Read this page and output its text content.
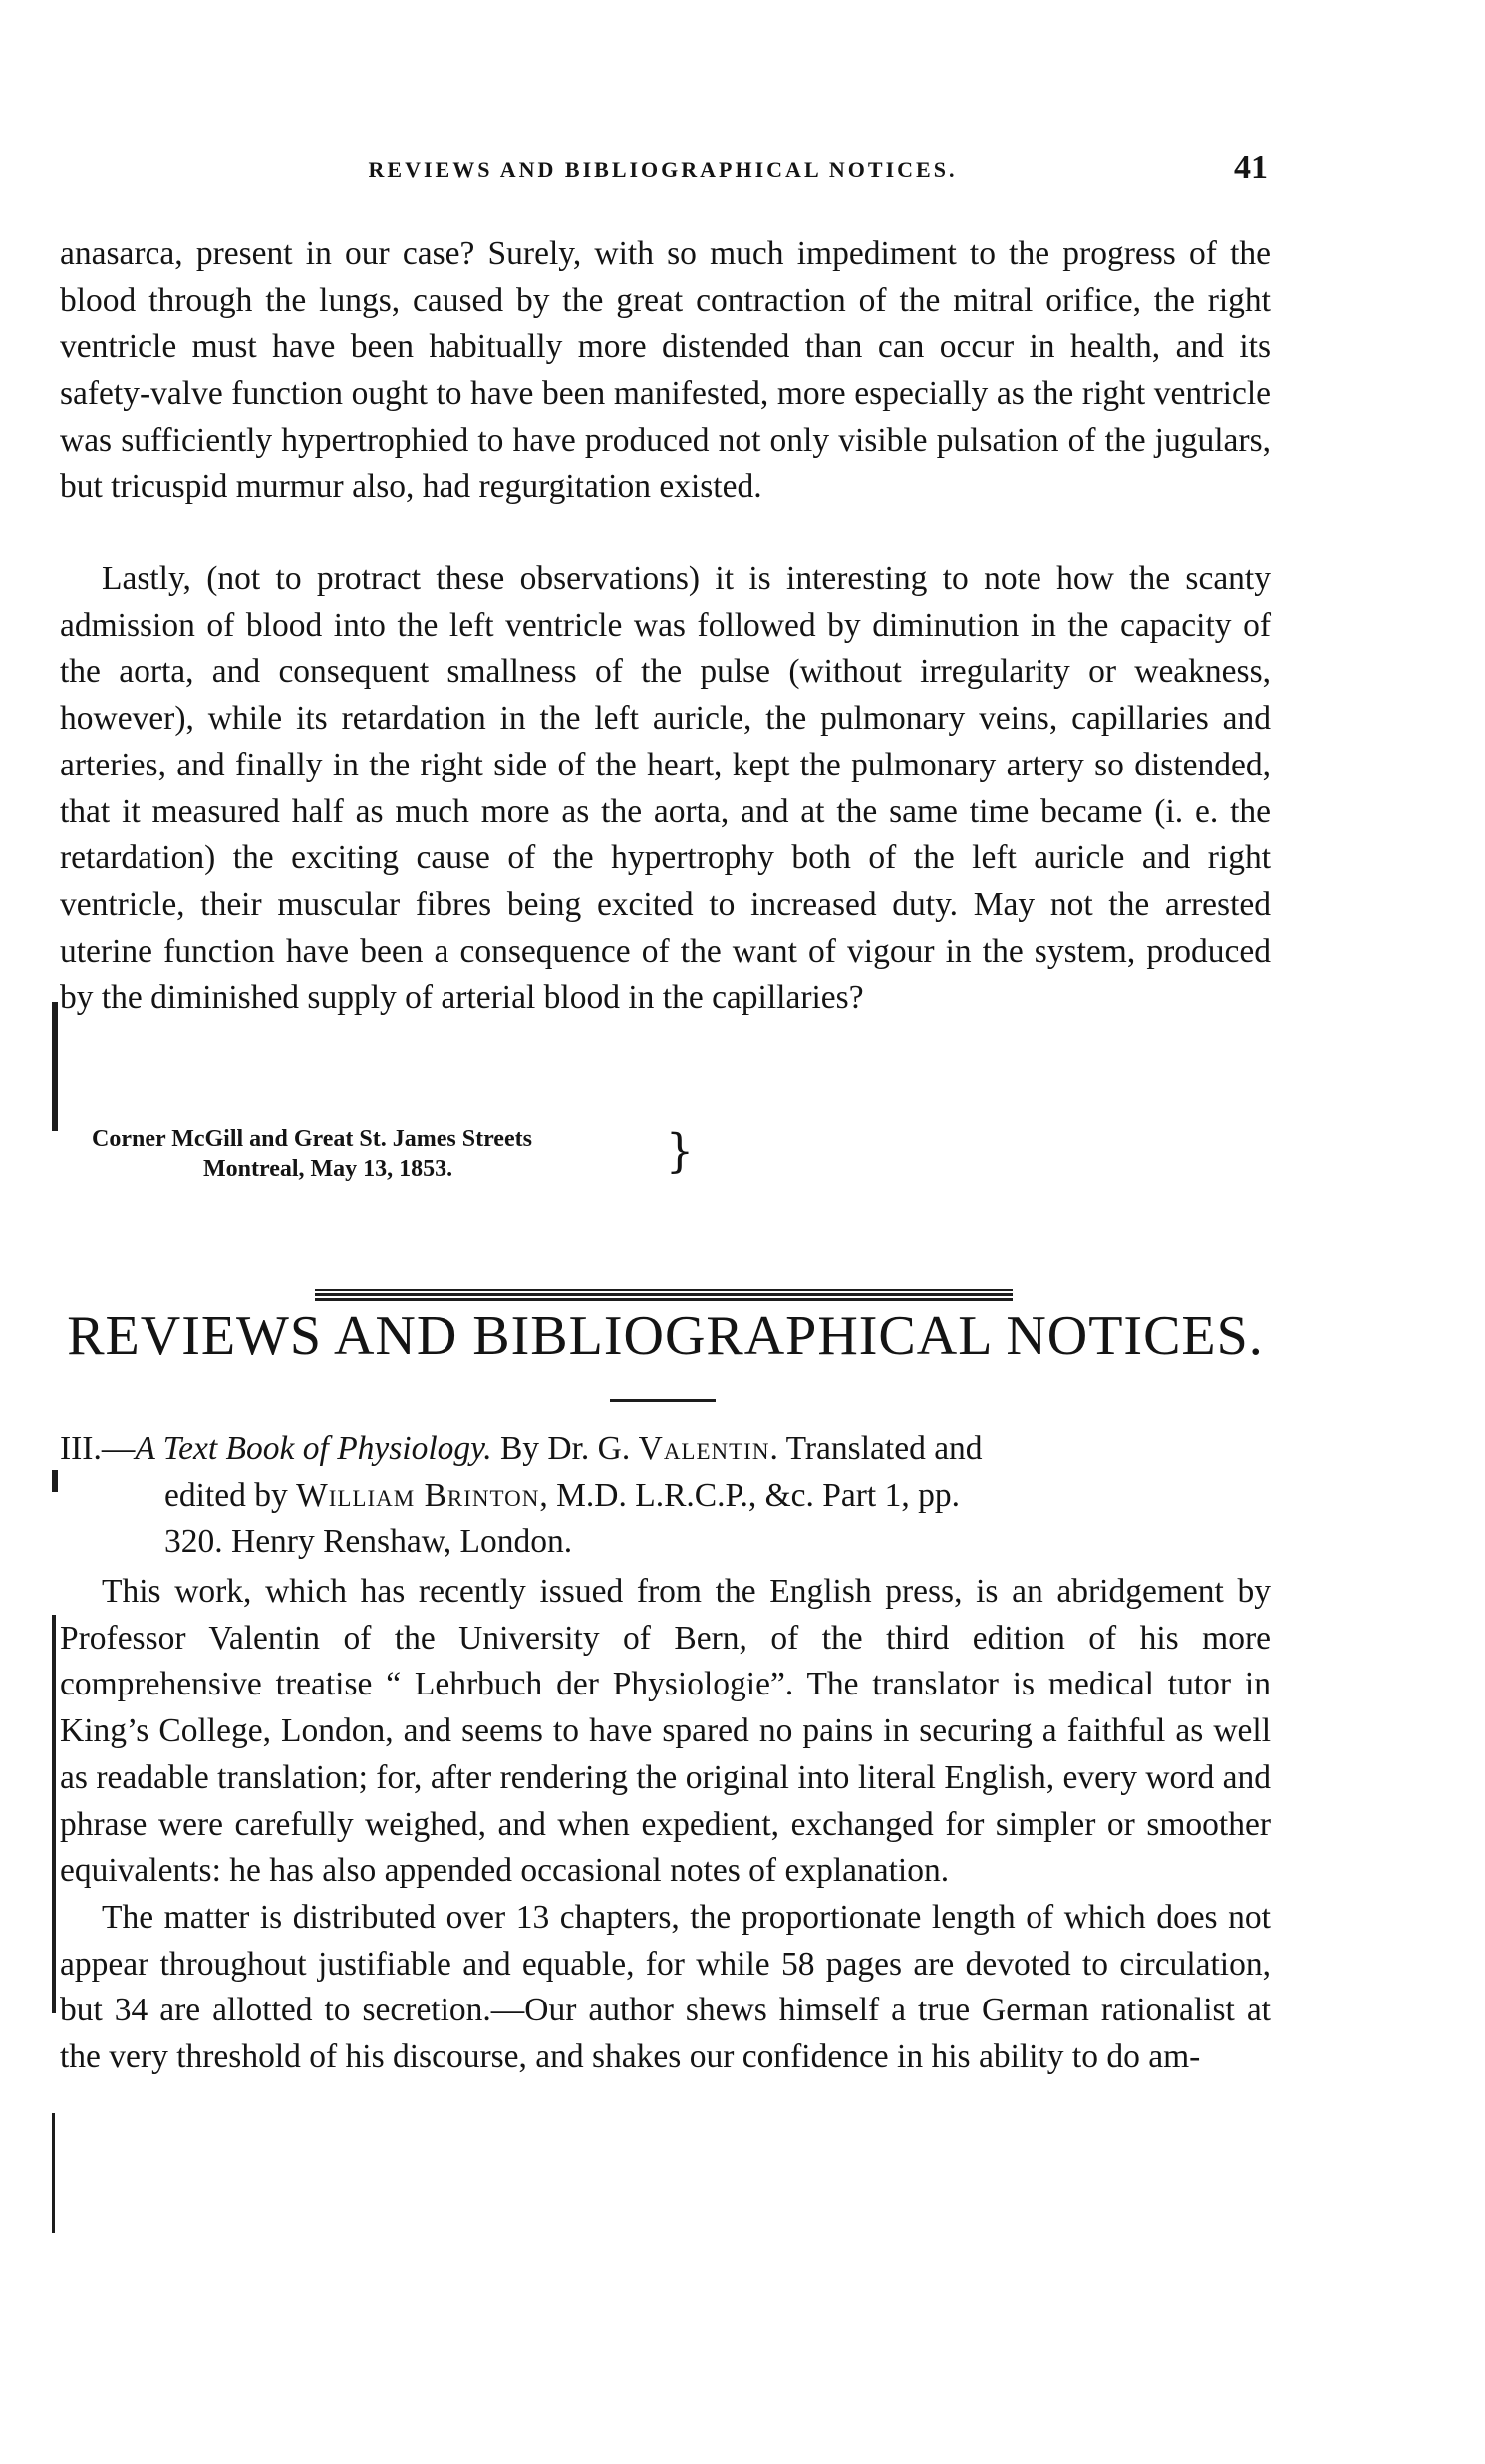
REVIEWS AND BIBLIOGRAPHICAL NOTICES.	41

anasarca, present in our case? Surely, with so much impediment to the progress of the blood through the lungs, caused by the great contraction of the mitral orifice, the right ventricle must have been habitually more distended than can occur in health, and its safety-valve function ought to have been manifested, more especially as the right ventricle was sufficiently hypertrophied to have produced not only visible pulsation of the jugulars, but tricuspid murmur also, had regurgitation existed.

Lastly, (not to protract these observations) it is interesting to note how the scanty admission of blood into the left ventricle was followed by diminution in the capacity of the aorta, and consequent smallness of the pulse (without irregularity or weakness, however), while its retardation in the left auricle, the pulmonary veins, capillaries and arteries, and finally in the right side of the heart, kept the pulmonary artery so distended, that it measured half as much more as the aorta, and at the same time became (i. e. the retardation) the exciting cause of the hypertrophy both of the left auricle and right ventricle, their muscular fibres being excited to increased duty. May not the arrested uterine function have been a consequence of the want of vigour in the system, produced by the diminished supply of arterial blood in the capillaries?

Corner McGill and Great St. James Streets
Montreal, May 13, 1853.	}
REVIEWS AND BIBLIOGRAPHICAL NOTICES.
III.—A Text Book of Physiology. By Dr. G. Valentin. Translated and
edited by William Brinton, M.D. L.R.C.P., &c. Part 1, pp.
320. Henry Renshaw, London.

This work, which has recently issued from the English press, is an abridgement by Professor Valentin of the University of Bern, of the third edition of his more comprehensive treatise “ Lehrbuch der Physiologie”. The translator is medical tutor in King’s College, London, and seems to have spared no pains in securing a faithful as well as readable translation; for, after rendering the original into literal English, every word and phrase were carefully weighed, and when expedient, exchanged for simpler or smoother equivalents: he has also appended occasional notes of explanation.

The matter is distributed over 13 chapters, the proportionate length of which does not appear throughout justifiable and equable, for while 58 pages are devoted to circulation, but 34 are allotted to secretion.—Our author shews himself a true German rationalist at the very threshold of his discourse, and shakes our confidence in his ability to do am-
